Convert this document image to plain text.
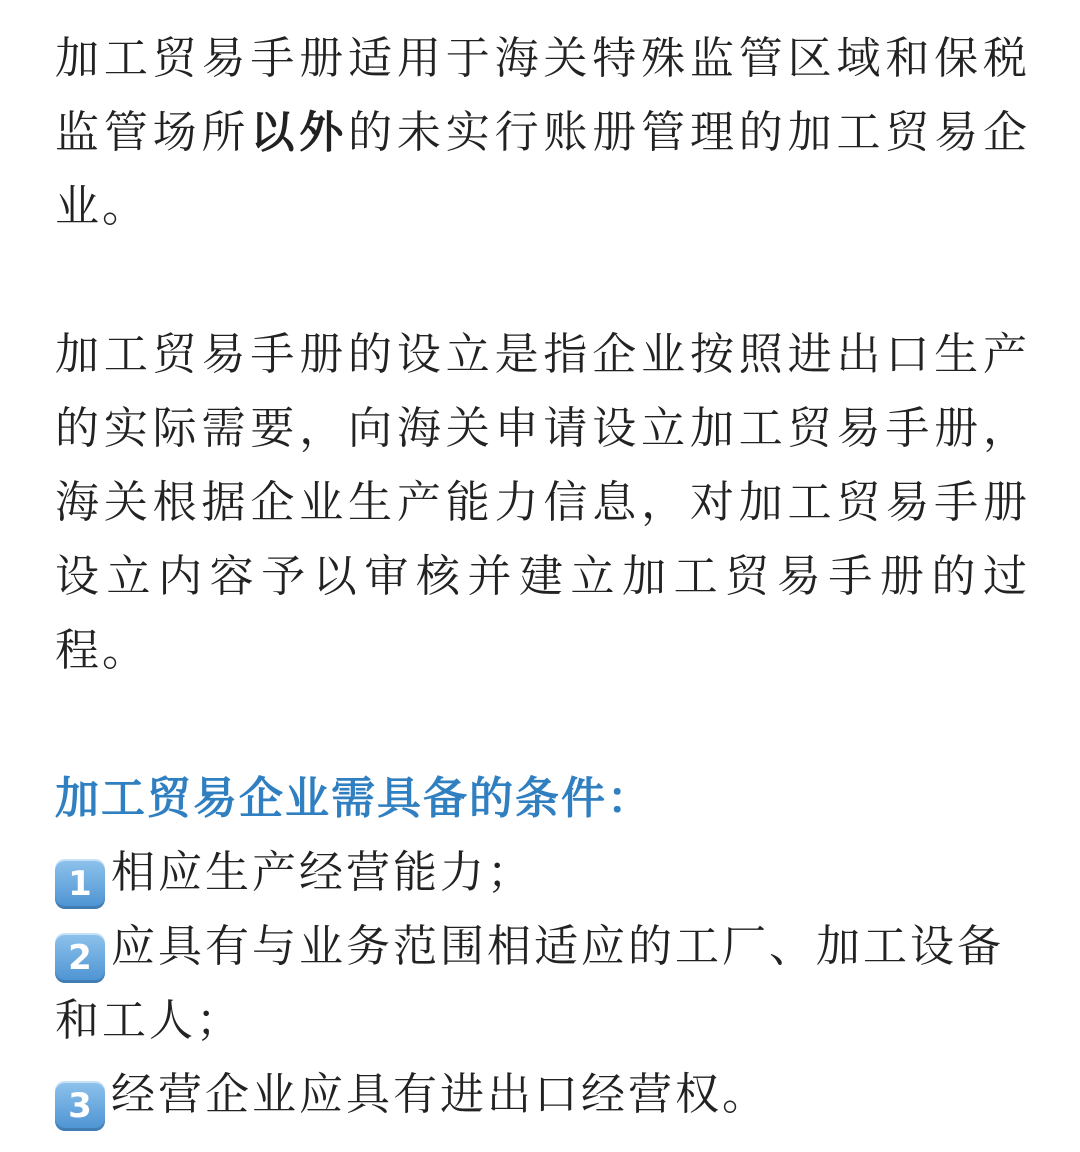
加工贸易手册适用于海关特殊监管区域和保税监管场所以外的未实行账册管理的加工贸易企业。

加工贸易手册的设立是指企业按照进出口生产的实际需要，向海关申请设立加工贸易手册，海关根据企业生产能力信息，对加工贸易手册设立内容予以审核并建立加工贸易手册的过程。

加工贸易企业需具备的条件：

1 相应生产经营能力；

2 应具有与业务范围相适应的工厂、加工设备和工人；

3 经营企业应具有进出口经营权。
